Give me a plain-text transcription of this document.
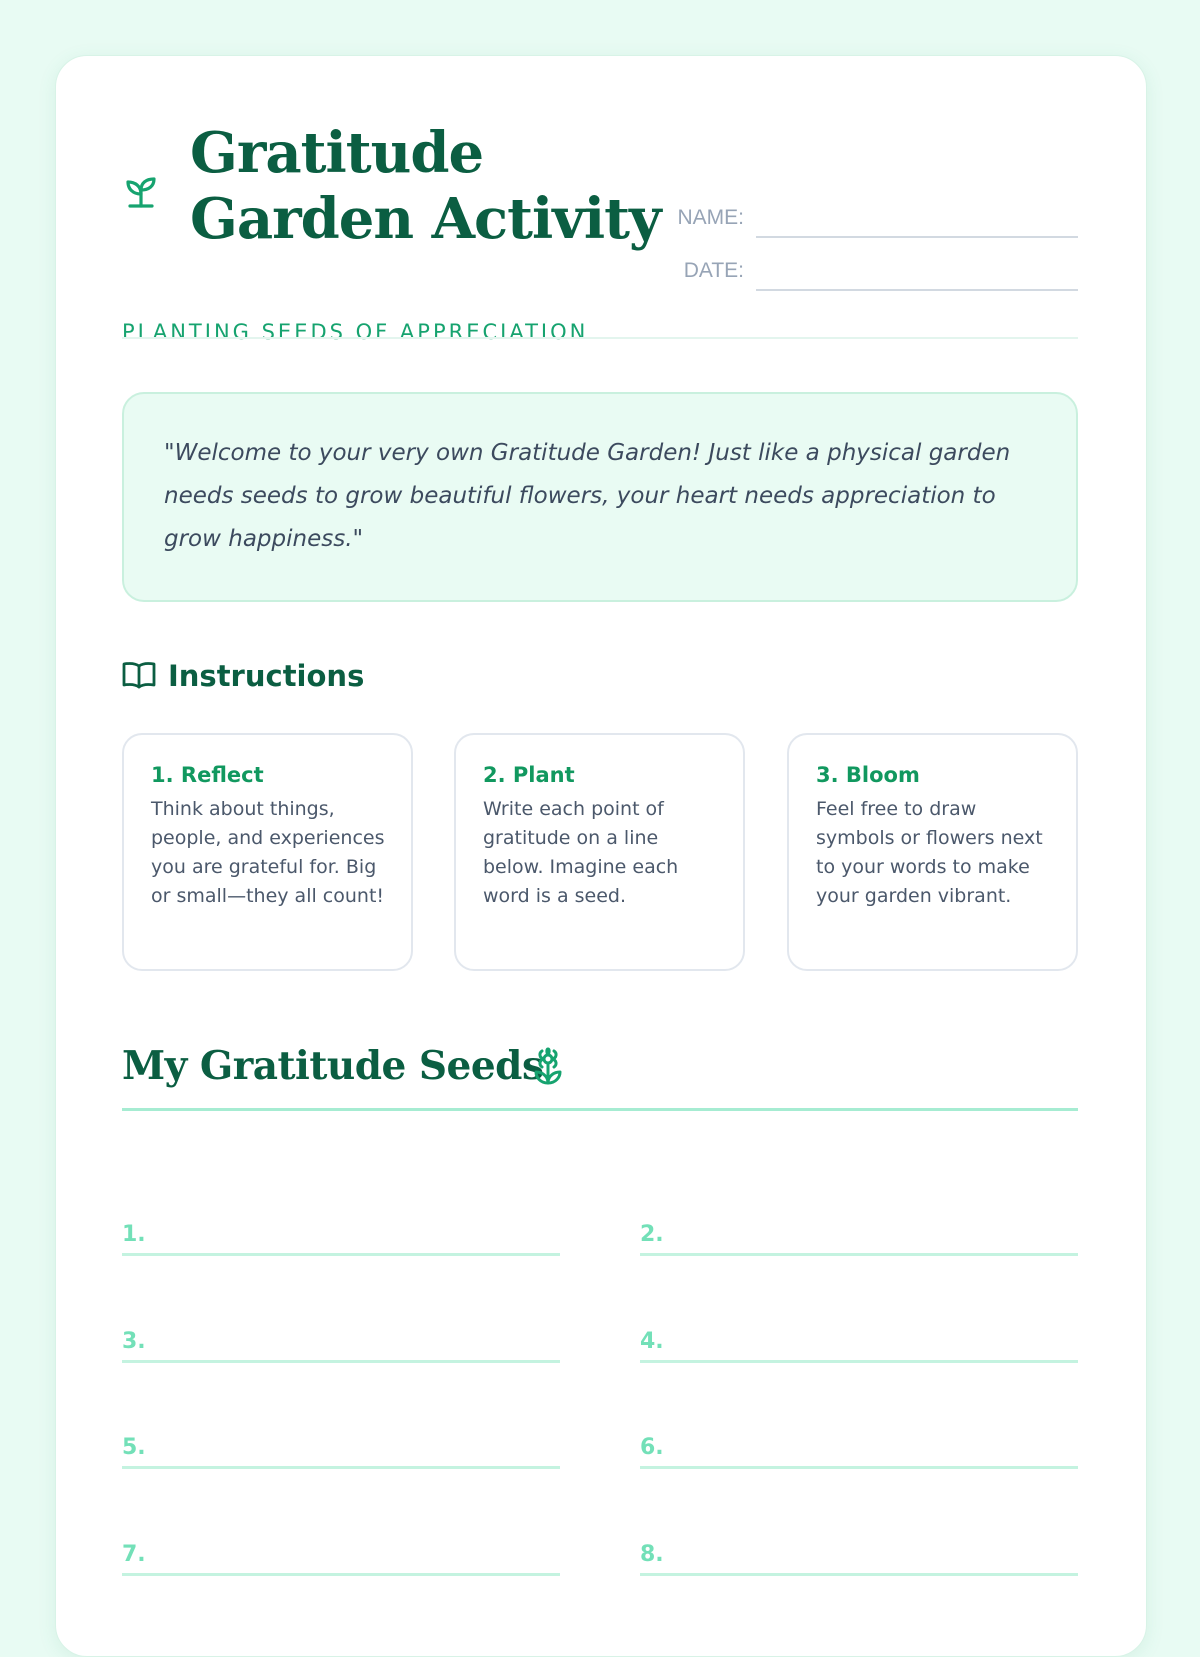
Gratitude Garden Activity NAME:
DATE:
PLANTING SEEDS OF APPRECIATION

"Welcome to your very own Gratitude Garden! Just like a physical garden needs seeds to grow beautiful flowers, your heart needs appreciation to grow happiness."

Instructions
1. Reflect

Think about things, people, and experiences you are grateful for. Big or small—they all count!

2. Plant

Write each point of gratitude on a line below. Imagine each word is a seed.

3. Bloom

Feel free to draw symbols or flowers next to your words to make your garden vibrant.

My Gratitude Seeds
1.	2.
3.	4.
5.	6.
7.	8.
